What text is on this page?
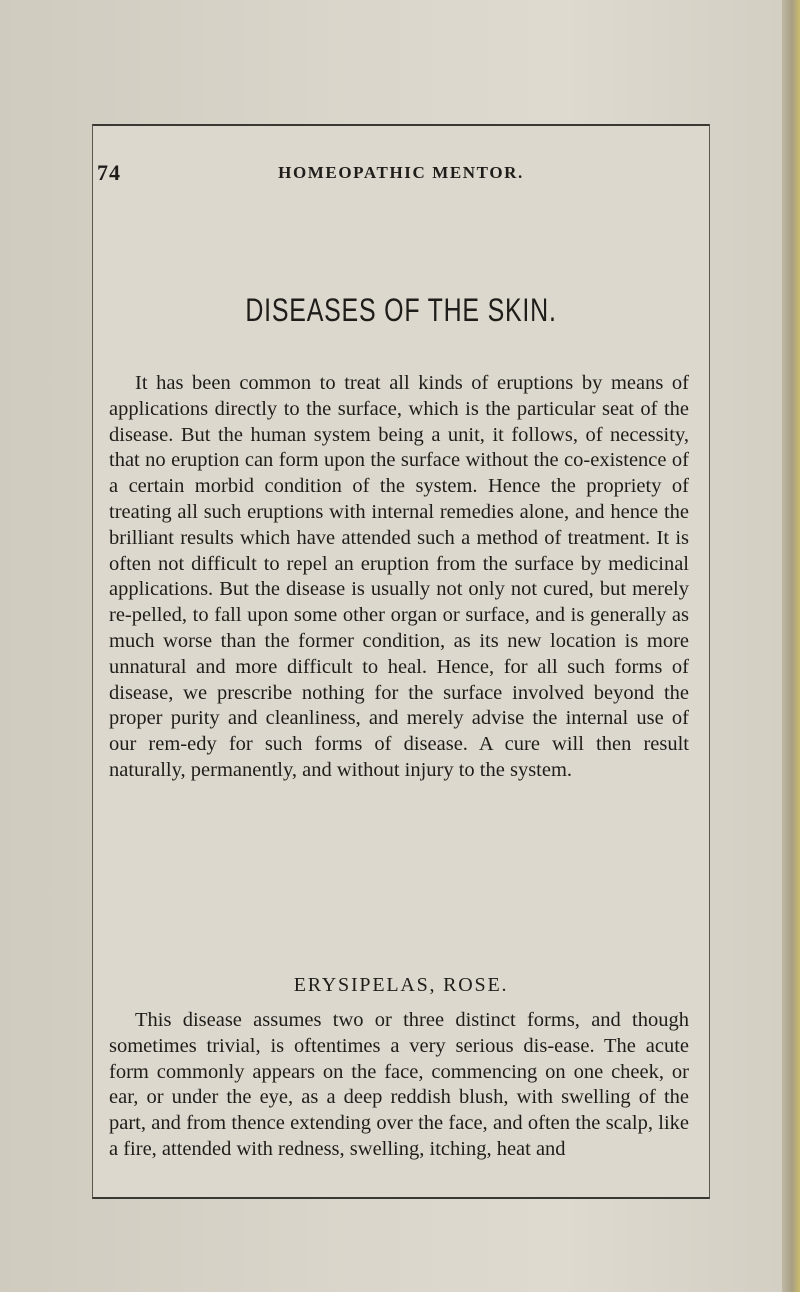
74	HOMEOPATHIC MENTOR.
DISEASES OF THE SKIN.

It has been common to treat all kinds of eruptions by means of applications directly to the surface, which is the particular seat of the disease. But the human system being a unit, it follows, of necessity, that no eruption can form upon the surface without the co-existence of a certain morbid condition of the system. Hence the propriety of treating all such eruptions with internal remedies alone, and hence the brilliant results which have attended such a method of treatment. It is often not difficult to repel an eruption from the surface by medicinal applications. But the disease is usually not only not cured, but merely re-pelled, to fall upon some other organ or surface, and is generally as much worse than the former condition, as its new location is more unnatural and more difficult to heal. Hence, for all such forms of disease, we prescribe nothing for the surface involved beyond the proper purity and cleanliness, and merely advise the internal use of our rem-edy for such forms of disease. A cure will then result naturally, permanently, and without injury to the system.

ERYSIPELAS, ROSE.

This disease assumes two or three distinct forms, and though sometimes trivial, is oftentimes a very serious dis-ease. The acute form commonly appears on the face, commencing on one cheek, or ear, or under the eye, as a deep reddish blush, with swelling of the part, and from thence extending over the face, and often the scalp, like a fire, attended with redness, swelling, itching, heat and
